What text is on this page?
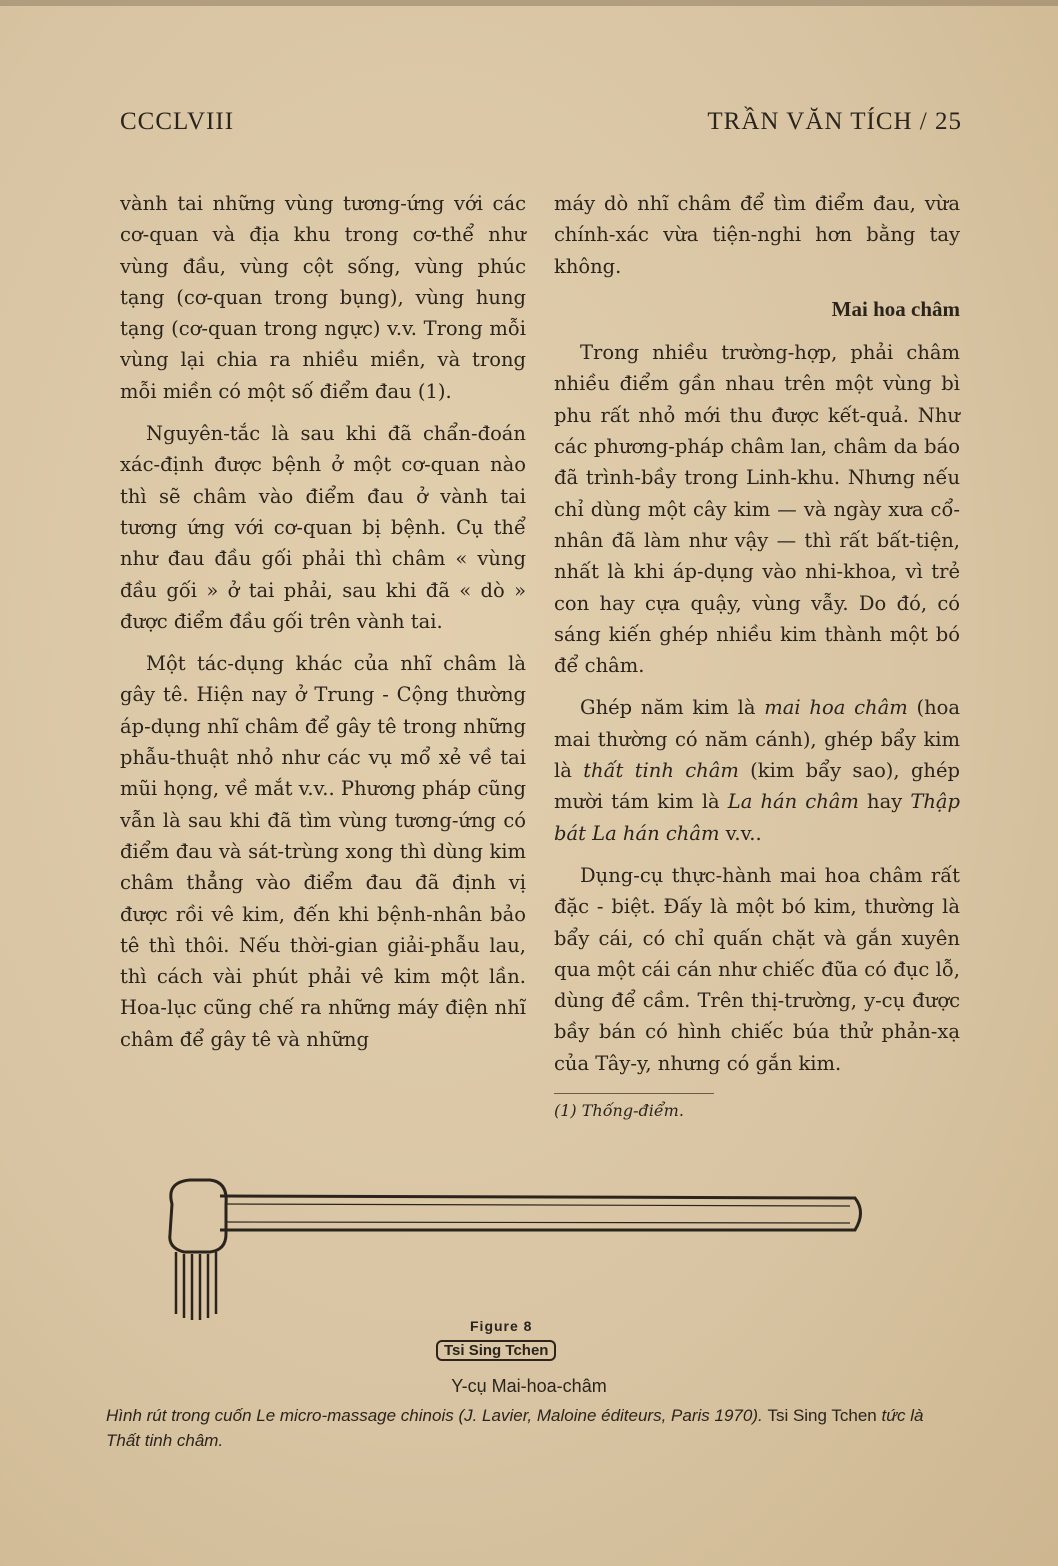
CCCLVIII	TRẦN VĂN TÍCH / 25

vành tai những vùng tương-ứng với các cơ-quan và địa khu trong cơ-thể như vùng đầu, vùng cột sống, vùng phúc tạng (cơ-quan trong bụng), vùng hung tạng (cơ-quan trong ngực) v.v. Trong mỗi vùng lại chia ra nhiều miền, và trong mỗi miền có một số điểm đau (1).

Nguyên-tắc là sau khi đã chẩn-đoán xác-định được bệnh ở một cơ-quan nào thì sẽ châm vào điểm đau ở vành tai tương ứng với cơ-quan bị bệnh. Cụ thể như đau đầu gối phải thì châm « vùng đầu gối » ở tai phải, sau khi đã « dò » được điểm đầu gối trên vành tai.

Một tác-dụng khác của nhĩ châm là gây tê. Hiện nay ở Trung - Cộng thường áp-dụng nhĩ châm để gây tê trong những phẫu-thuật nhỏ như các vụ mổ xẻ về tai mũi họng, về mắt v.v.. Phương pháp cũng vẫn là sau khi đã tìm vùng tương-ứng có điểm đau và sát-trùng xong thì dùng kim châm thẳng vào điểm đau đã định vị được rồi vê kim, đến khi bệnh-nhân bảo tê thì thôi. Nếu thời-gian giải-phẫu lau, thì cách vài phút phải vê kim một lần. Hoa-lục cũng chế ra những máy điện nhĩ châm để gây tê và những

máy dò nhĩ châm để tìm điểm đau, vừa chính-xác vừa tiện-nghi hơn bằng tay không.

Mai hoa châm

Trong nhiều trường-hợp, phải châm nhiều điểm gần nhau trên một vùng bì phu rất nhỏ mới thu được kết-quả. Như các phương-pháp châm lan, châm da báo đã trình-bầy trong Linh-khu. Nhưng nếu chỉ dùng một cây kim — và ngày xưa cổ-nhân đã làm như vậy — thì rất bất-tiện, nhất là khi áp-dụng vào nhi-khoa, vì trẻ con hay cựa quậy, vùng vẫy. Do đó, có sáng kiến ghép nhiều kim thành một bó để châm.

Ghép năm kim là mai hoa châm (hoa mai thường có năm cánh), ghép bẩy kim là thất tinh châm (kim bẩy sao), ghép mười tám kim là La hán châm hay Thập bát La hán châm v.v..

Dụng-cụ thực-hành mai hoa châm rất đặc - biệt. Đấy là một bó kim, thường là bẩy cái, có chỉ quấn chặt và gắn xuyên qua một cái cán như chiếc đũa có đục lỗ, dùng để cầm. Trên thị-trường, y-cụ được bầy bán có hình chiếc búa thử phản-xạ của Tây-y, nhưng có gắn kim.

(1) Thống-điểm.
Figure 8
Tsi Sing Tchen
Y-cụ Mai-hoa-châm
Hình rút trong cuốn Le micro-massage chinois (J. Lavier, Maloine éditeurs, Paris 1970). Tsi Sing Tchen tức là Thất tinh châm.
